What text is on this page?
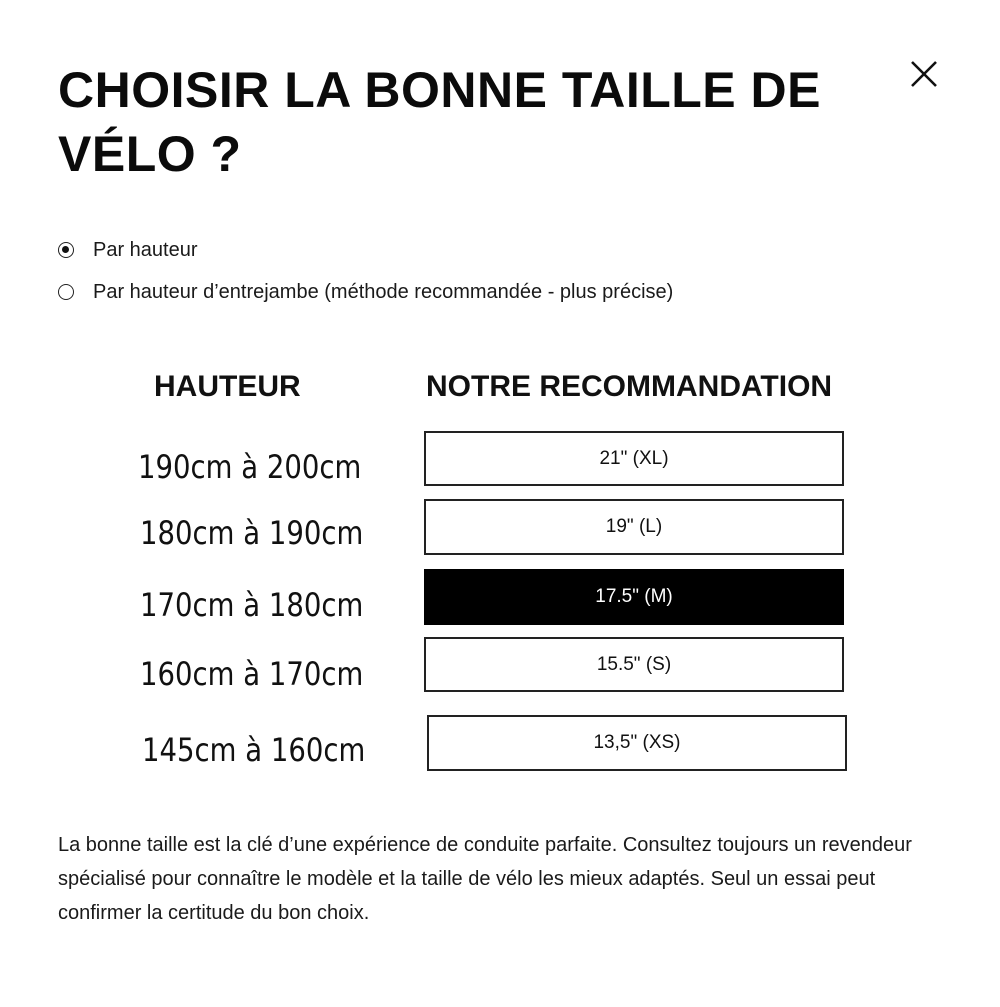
CHOISIR LA BONNE TAILLE DE VÉLO ?
Par hauteur
Par hauteur d’entrejambe (méthode recommandée - plus précise)
HAUTEUR	NOTRE RECOMMANDATION
190cm à 200cm	21" (XL)
180cm à 190cm	19" (L)
170cm à 180cm	17.5" (M)
160cm à 170cm	15.5" (S)
145cm à 160cm	13,5" (XS)

La bonne taille est la clé d’une expérience de conduite parfaite. Consultez toujours un revendeur spécialisé pour connaître le modèle et la taille de vélo les mieux adaptés. Seul un essai peut confirmer la certitude du bon choix.
